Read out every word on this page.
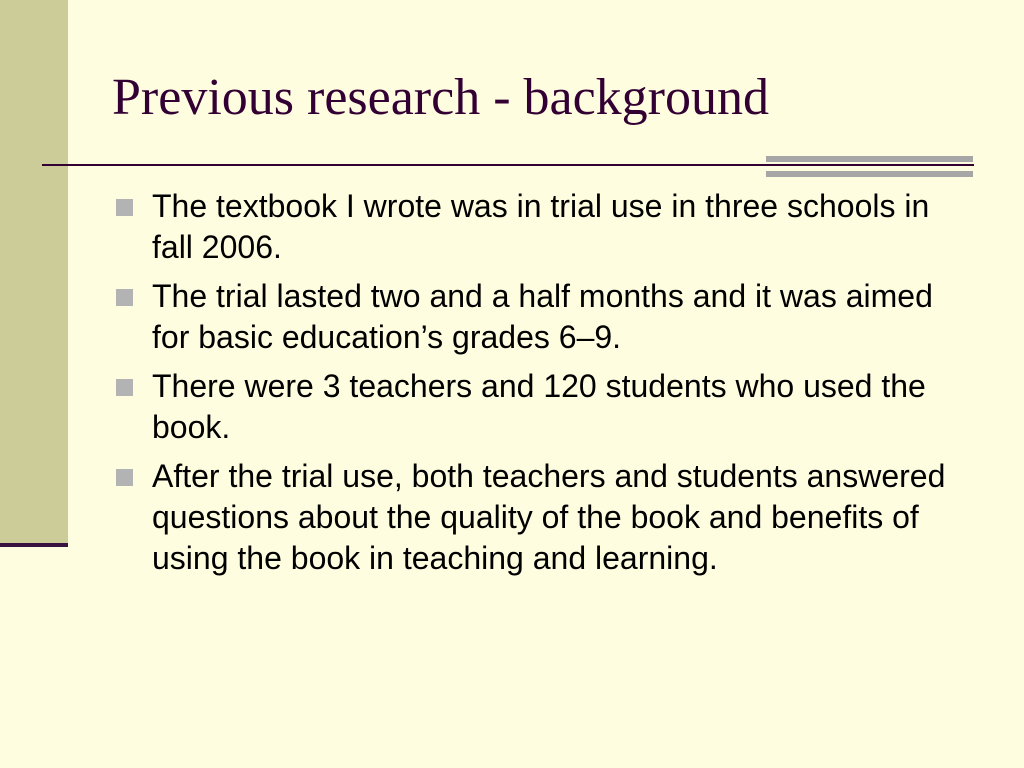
Previous research - background
The textbook I wrote was in trial use in three schools in fall 2006.
The trial lasted two and a half months and it was aimed for basic education’s grades 6–9.
There were 3 teachers and 120 students who used the book.
After the trial use, both teachers and students answered questions about the quality of the book and benefits of using the book in teaching and learning.
